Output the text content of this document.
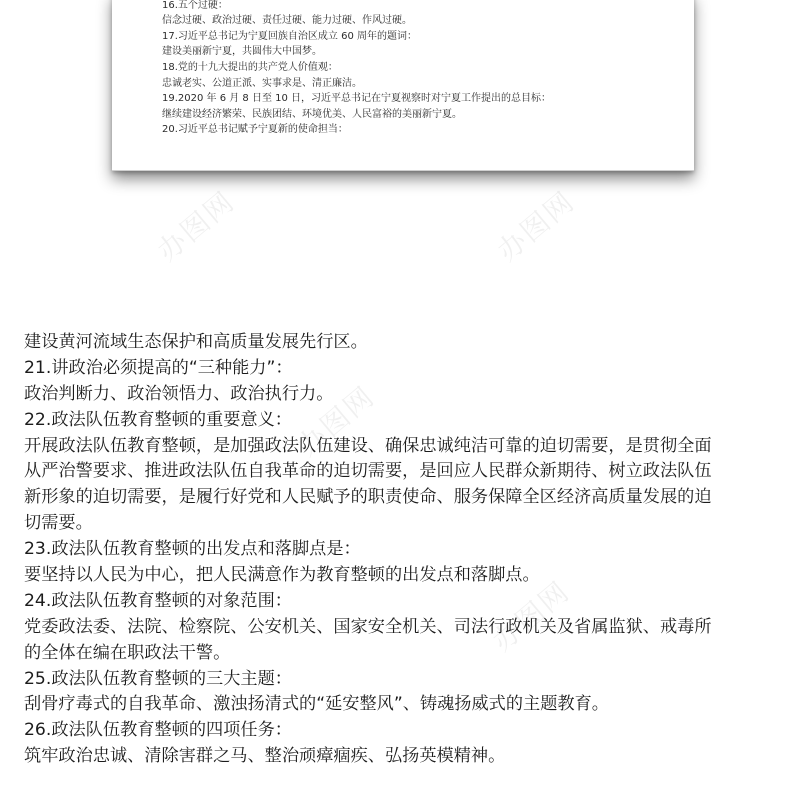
16.五个过硬：
信念过硬、政治过硬、责任过硬、能力过硬、作风过硬。
17.习近平总书记为宁夏回族自治区成立 60 周年的题词：
建设美丽新宁夏，共圆伟大中国梦。
18.党的十九大提出的共产党人价值观：
忠诚老实、公道正派、实事求是、清正廉洁。
19.2020 年 6 月 8 日至 10 日，习近平总书记在宁夏视察时对宁夏工作提出的总目标：
继续建设经济繁荣、民族团结、环境优美、人民富裕的美丽新宁夏。
20.习近平总书记赋予宁夏新的使命担当：
办图网	办图网
办图网
办图网
建设黄河流域生态保护和高质量发展先行区。
21.讲政治必须提高的“三种能力”：
政治判断力、政治领悟力、政治执行力。
22.政法队伍教育整顿的重要意义：
开展政法队伍教育整顿，是加强政法队伍建设、确保忠诚纯洁可靠的迫切需要，是贯彻全面
从严治警要求、推进政法队伍自我革命的迫切需要，是回应人民群众新期待、树立政法队伍
新形象的迫切需要，是履行好党和人民赋予的职责使命、服务保障全区经济高质量发展的迫
切需要。
23.政法队伍教育整顿的出发点和落脚点是：
要坚持以人民为中心，把人民满意作为教育整顿的出发点和落脚点。
24.政法队伍教育整顿的对象范围：
党委政法委、法院、检察院、公安机关、国家安全机关、司法行政机关及省属监狱、戒毒所
的全体在编在职政法干警。
25.政法队伍教育整顿的三大主题：
刮骨疗毒式的自我革命、激浊扬清式的“延安整风”、铸魂扬威式的主题教育。
26.政法队伍教育整顿的四项任务：
筑牢政治忠诚、清除害群之马、整治顽瘴痼疾、弘扬英模精神。
